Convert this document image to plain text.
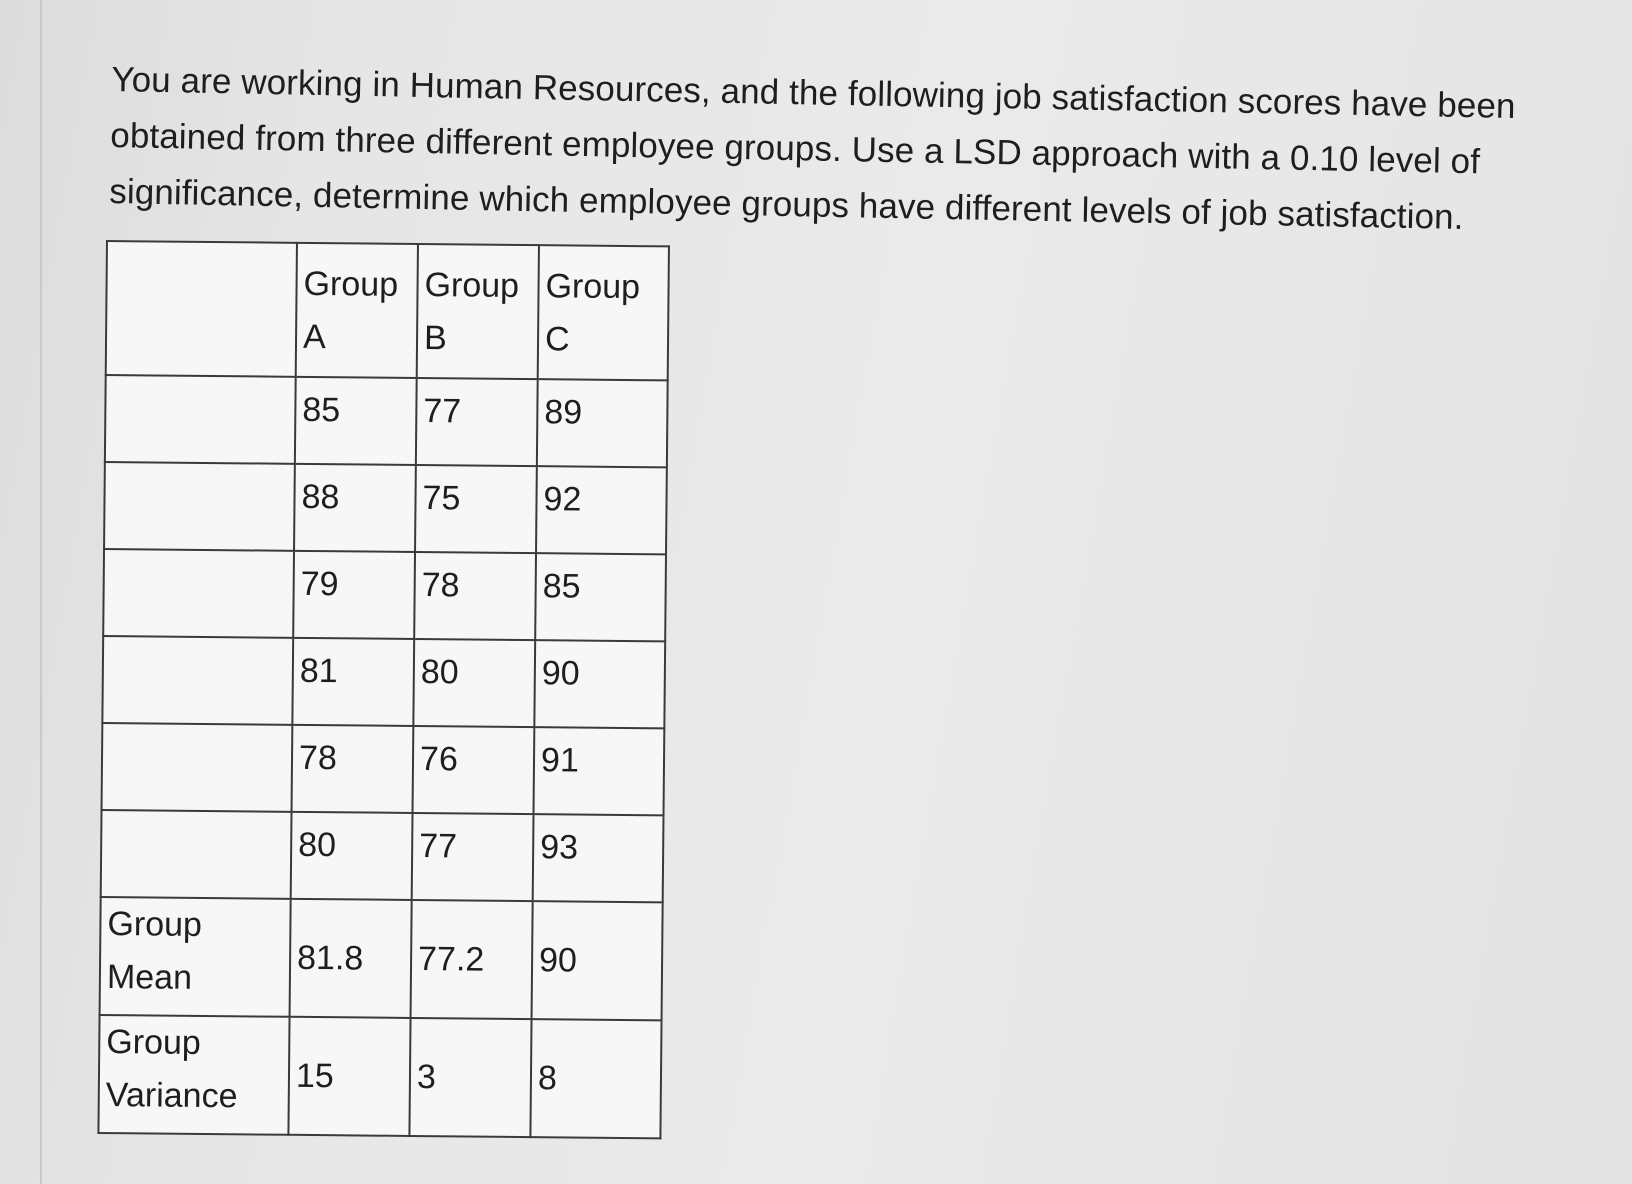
You are working in Human Resources, and the following job satisfaction scores have been obtained from three different employee groups. Use a LSD approach with a 0.10 level of significance, determine which employee groups have different levels of job satisfaction.

	Group A	Group B	Group C
	85	77	89
	88	75	92
	79	78	85
	81	80	90
	78	76	91
	80	77	93
Group Mean	81.8	77.2	90
Group Variance	15	3	8
